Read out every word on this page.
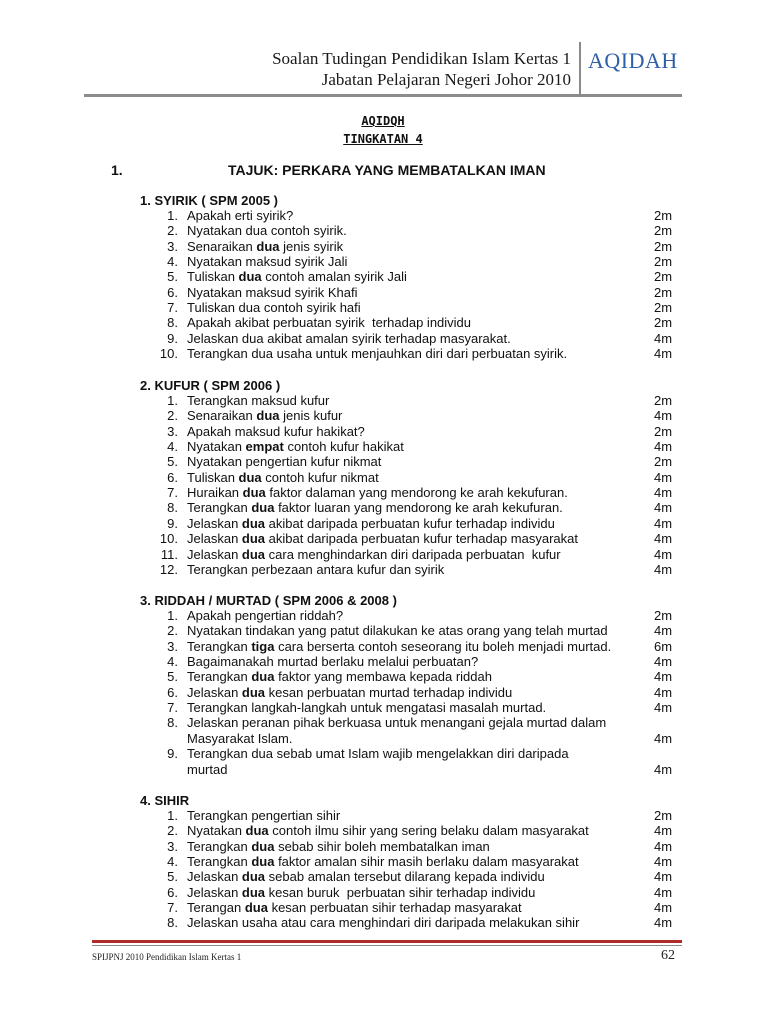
Soalan Tudingan Pendidikan Islam Kertas 1
Jabatan Pelajaran Negeri Johor 2010
AQIDAH
AQIDQH
TINGKATAN 4
1.	TAJUK: PERKARA YANG MEMBATALKAN IMAN
1. SYIRIK ( SPM 2005 )
1. Apakah erti syirik?	2m
2. Nyatakan dua contoh syirik.	2m
3. Senaraikan dua jenis syirik	2m
4. Nyatakan maksud syirik Jali	2m
5. Tuliskan dua contoh amalan syirik Jali	2m
6. Nyatakan maksud syirik Khafi	2m
7. Tuliskan dua contoh syirik hafi	2m
8. Apakah akibat perbuatan syirik  terhadap individu	2m
9. Jelaskan dua akibat amalan syirik terhadap masyarakat.	4m
10. Terangkan dua usaha untuk menjauhkan diri dari perbuatan syirik.	4m
2. KUFUR ( SPM 2006 )
1. Terangkan maksud kufur	2m
2. Senaraikan dua jenis kufur	4m
3. Apakah maksud kufur hakikat?	2m
4. Nyatakan empat contoh kufur hakikat	4m
5. Nyatakan pengertian kufur nikmat	2m
6. Tuliskan dua contoh kufur nikmat	4m
7. Huraikan dua faktor dalaman yang mendorong ke arah kekufuran.	4m
8. Terangkan dua faktor luaran yang mendorong ke arah kekufuran.	4m
9. Jelaskan dua akibat daripada perbuatan kufur terhadap individu	4m
10. Jelaskan dua akibat daripada perbuatan kufur terhadap masyarakat	4m
11. Jelaskan dua cara menghindarkan diri daripada perbuatan  kufur	4m
12. Terangkan perbezaan antara kufur dan syirik	4m
3. RIDDAH / MURTAD ( SPM 2006 & 2008 )
1. Apakah pengertian riddah?	2m
2. Nyatakan tindakan yang patut dilakukan ke atas orang yang telah murtad	4m
3. Terangkan tiga cara berserta contoh seseorang itu boleh menjadi murtad.	6m
4. Bagaimanakah murtad berlaku melalui perbuatan?	4m
5. Terangkan dua faktor yang membawa kepada riddah	4m
6. Jelaskan dua kesan perbuatan murtad terhadap individu	4m
7. Terangkan langkah-langkah untuk mengatasi masalah murtad.	4m
8. Jelaskan peranan pihak berkuasa untuk menangani gejala murtad dalam
Masyarakat Islam.	4m
9. Terangkan dua sebab umat Islam wajib mengelakkan diri daripada
murtad	4m
4. SIHIR
1. Terangkan pengertian sihir	2m
2. Nyatakan dua contoh ilmu sihir yang sering belaku dalam masyarakat	4m
3. Terangkan dua sebab sihir boleh membatalkan iman	4m
4. Terangkan dua faktor amalan sihir masih berlaku dalam masyarakat	4m
5. Jelaskan dua sebab amalan tersebut dilarang kepada individu	4m
6. Jelaskan dua kesan buruk  perbuatan sihir terhadap individu	4m
7. Terangan dua kesan perbuatan sihir terhadap masyarakat	4m
8. Jelaskan usaha atau cara menghindari diri daripada melakukan sihir	4m
SPIJPNJ 2010 Pendidikan Islam Kertas 1	62
